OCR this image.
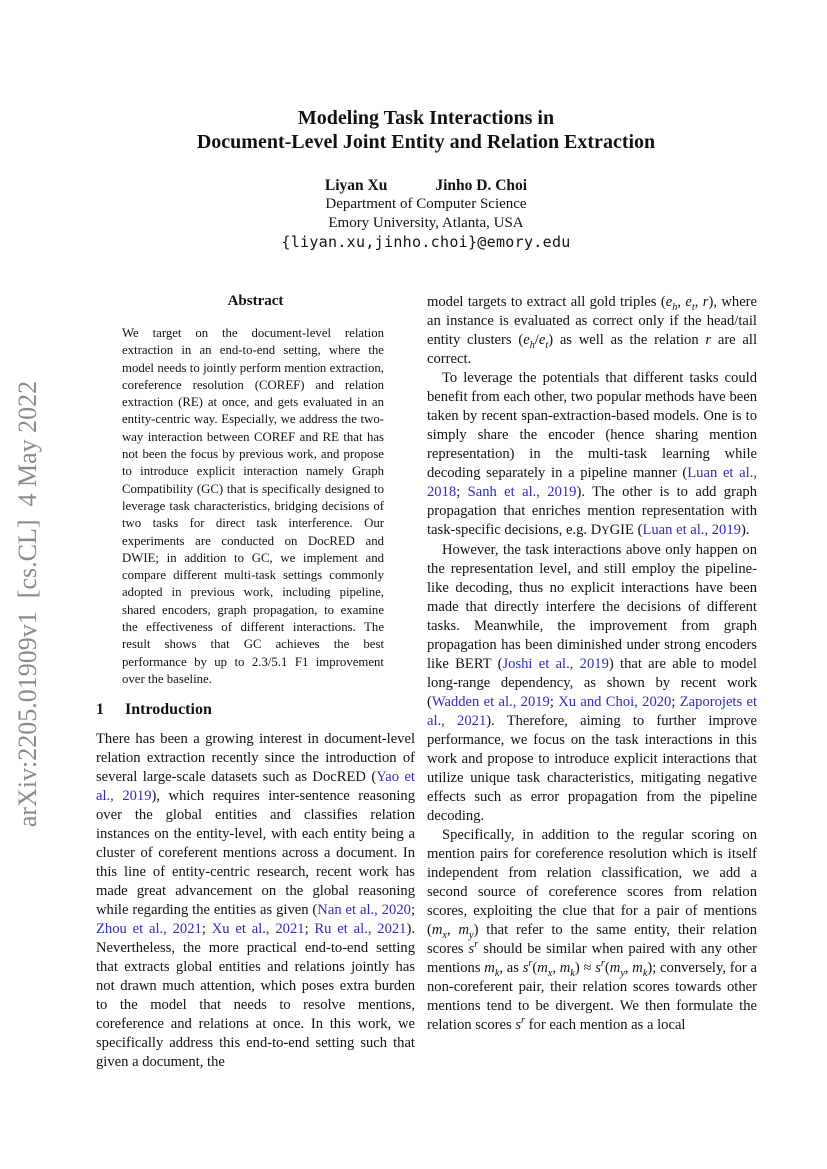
arXiv:2205.01909v1  [cs.CL]  4 May 2022
Modeling Task Interactions in
Document-Level Joint Entity and Relation Extraction
Liyan Xu	Jinho D. Choi
Department of Computer Science
Emory University, Atlanta, USA
{liyan.xu,jinho.choi}@emory.edu
Abstract
We target on the document-level relation extraction in an end-to-end setting, where the model needs to jointly perform mention extraction, coreference resolution (COREF) and relation extraction (RE) at once, and gets evaluated in an entity-centric way. Especially, we address the two-way interaction between COREF and RE that has not been the focus by previous work, and propose to introduce explicit interaction namely Graph Compatibility (GC) that is specifically designed to leverage task characteristics, bridging decisions of two tasks for direct task interference. Our experiments are conducted on DocRED and DWIE; in addition to GC, we implement and compare different multi-task settings commonly adopted in previous work, including pipeline, shared encoders, graph propagation, to examine the effectiveness of different interactions. The result shows that GC achieves the best performance by up to 2.3/5.1 F1 improvement over the baseline.
1 Introduction

There has been a growing interest in document-level relation extraction recently since the introduction of several large-scale datasets such as DocRED (Yao et al., 2019), which requires inter-sentence reasoning over the global entities and classifies relation instances on the entity-level, with each entity being a cluster of coreferent mentions across a document. In this line of entity-centric research, recent work has made great advancement on the global reasoning while regarding the entities as given (Nan et al., 2020; Zhou et al., 2021; Xu et al., 2021; Ru et al., 2021). Nevertheless, the more practical end-to-end setting that extracts global entities and relations jointly has not drawn much attention, which poses extra burden to the model that needs to resolve mentions, coreference and relations at once. In this work, we specifically address this end-to-end setting such that given a document, the

model targets to extract all gold triples ($e_h$, $e_t$, r), where an instance is evaluated as correct only if the head/tail entity clusters $(e_h/e_t)$ as well as the relation r are all correct.

To leverage the potentials that different tasks could benefit from each other, two popular methods have been taken by recent span-extraction-based models. One is to simply share the encoder (hence sharing mention representation) in the multi-task learning while decoding separately in a pipeline manner (Luan et al., 2018; Sanh et al., 2019). The other is to add graph propagation that enriches mention representation with task-specific decisions, e.g. DYGIE (Luan et al., 2019).

However, the task interactions above only happen on the representation level, and still employ the pipeline-like decoding, thus no explicit interactions have been made that directly interfere the decisions of different tasks. Meanwhile, the improvement from graph propagation has been diminished under strong encoders like BERT (Joshi et al., 2019) that are able to model long-range dependency, as shown by recent work (Wadden et al., 2019; Xu and Choi, 2020; Zaporojets et al., 2021). Therefore, aiming to further improve performance, we focus on the task interactions in this work and propose to introduce explicit interactions that utilize unique task characteristics, mitigating negative effects such as error propagation from the pipeline decoding.

Specifically, in addition to the regular scoring on mention pairs for coreference resolution which is itself independent from relation classification, we add a second source of coreference scores from relation scores, exploiting the clue that for a pair of mentions ($m_x$, $m_y$) that refer to the same entity, their relation scores $s^r$ should be similar when paired with any other mentions $m_k$, as $s^r(m_x$, $m_k) \approx s^r(m_y$, $m_k$); conversely, for a non-coreferent pair, their relation scores towards other mentions tend to be divergent. We then formulate the relation scores $s^r$ for each mention as a local
